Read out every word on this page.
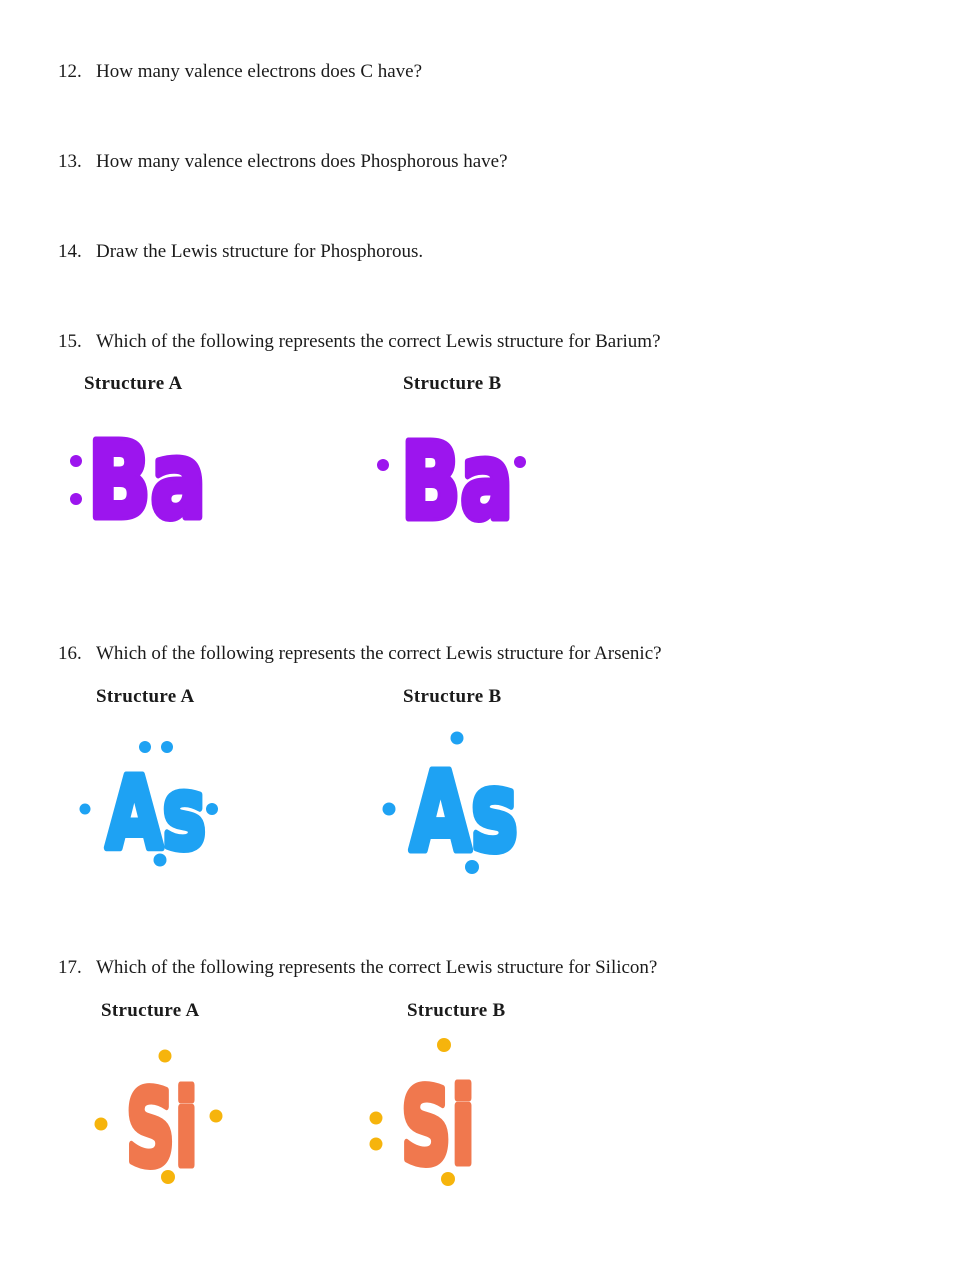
12. How many valence electrons does C have?
13. How many valence electrons does Phosphorous have?
14. Draw the Lewis structure for Phosphorous.
15. Which of the following represents the correct Lewis structure for Barium?
Structure A	Structure B
Ba Ba
16. Which of the following represents the correct Lewis structure for Arsenic?
Structure A	Structure B
As As
17. Which of the following represents the correct Lewis structure for Silicon?
Structure A	Structure B
Si Si
